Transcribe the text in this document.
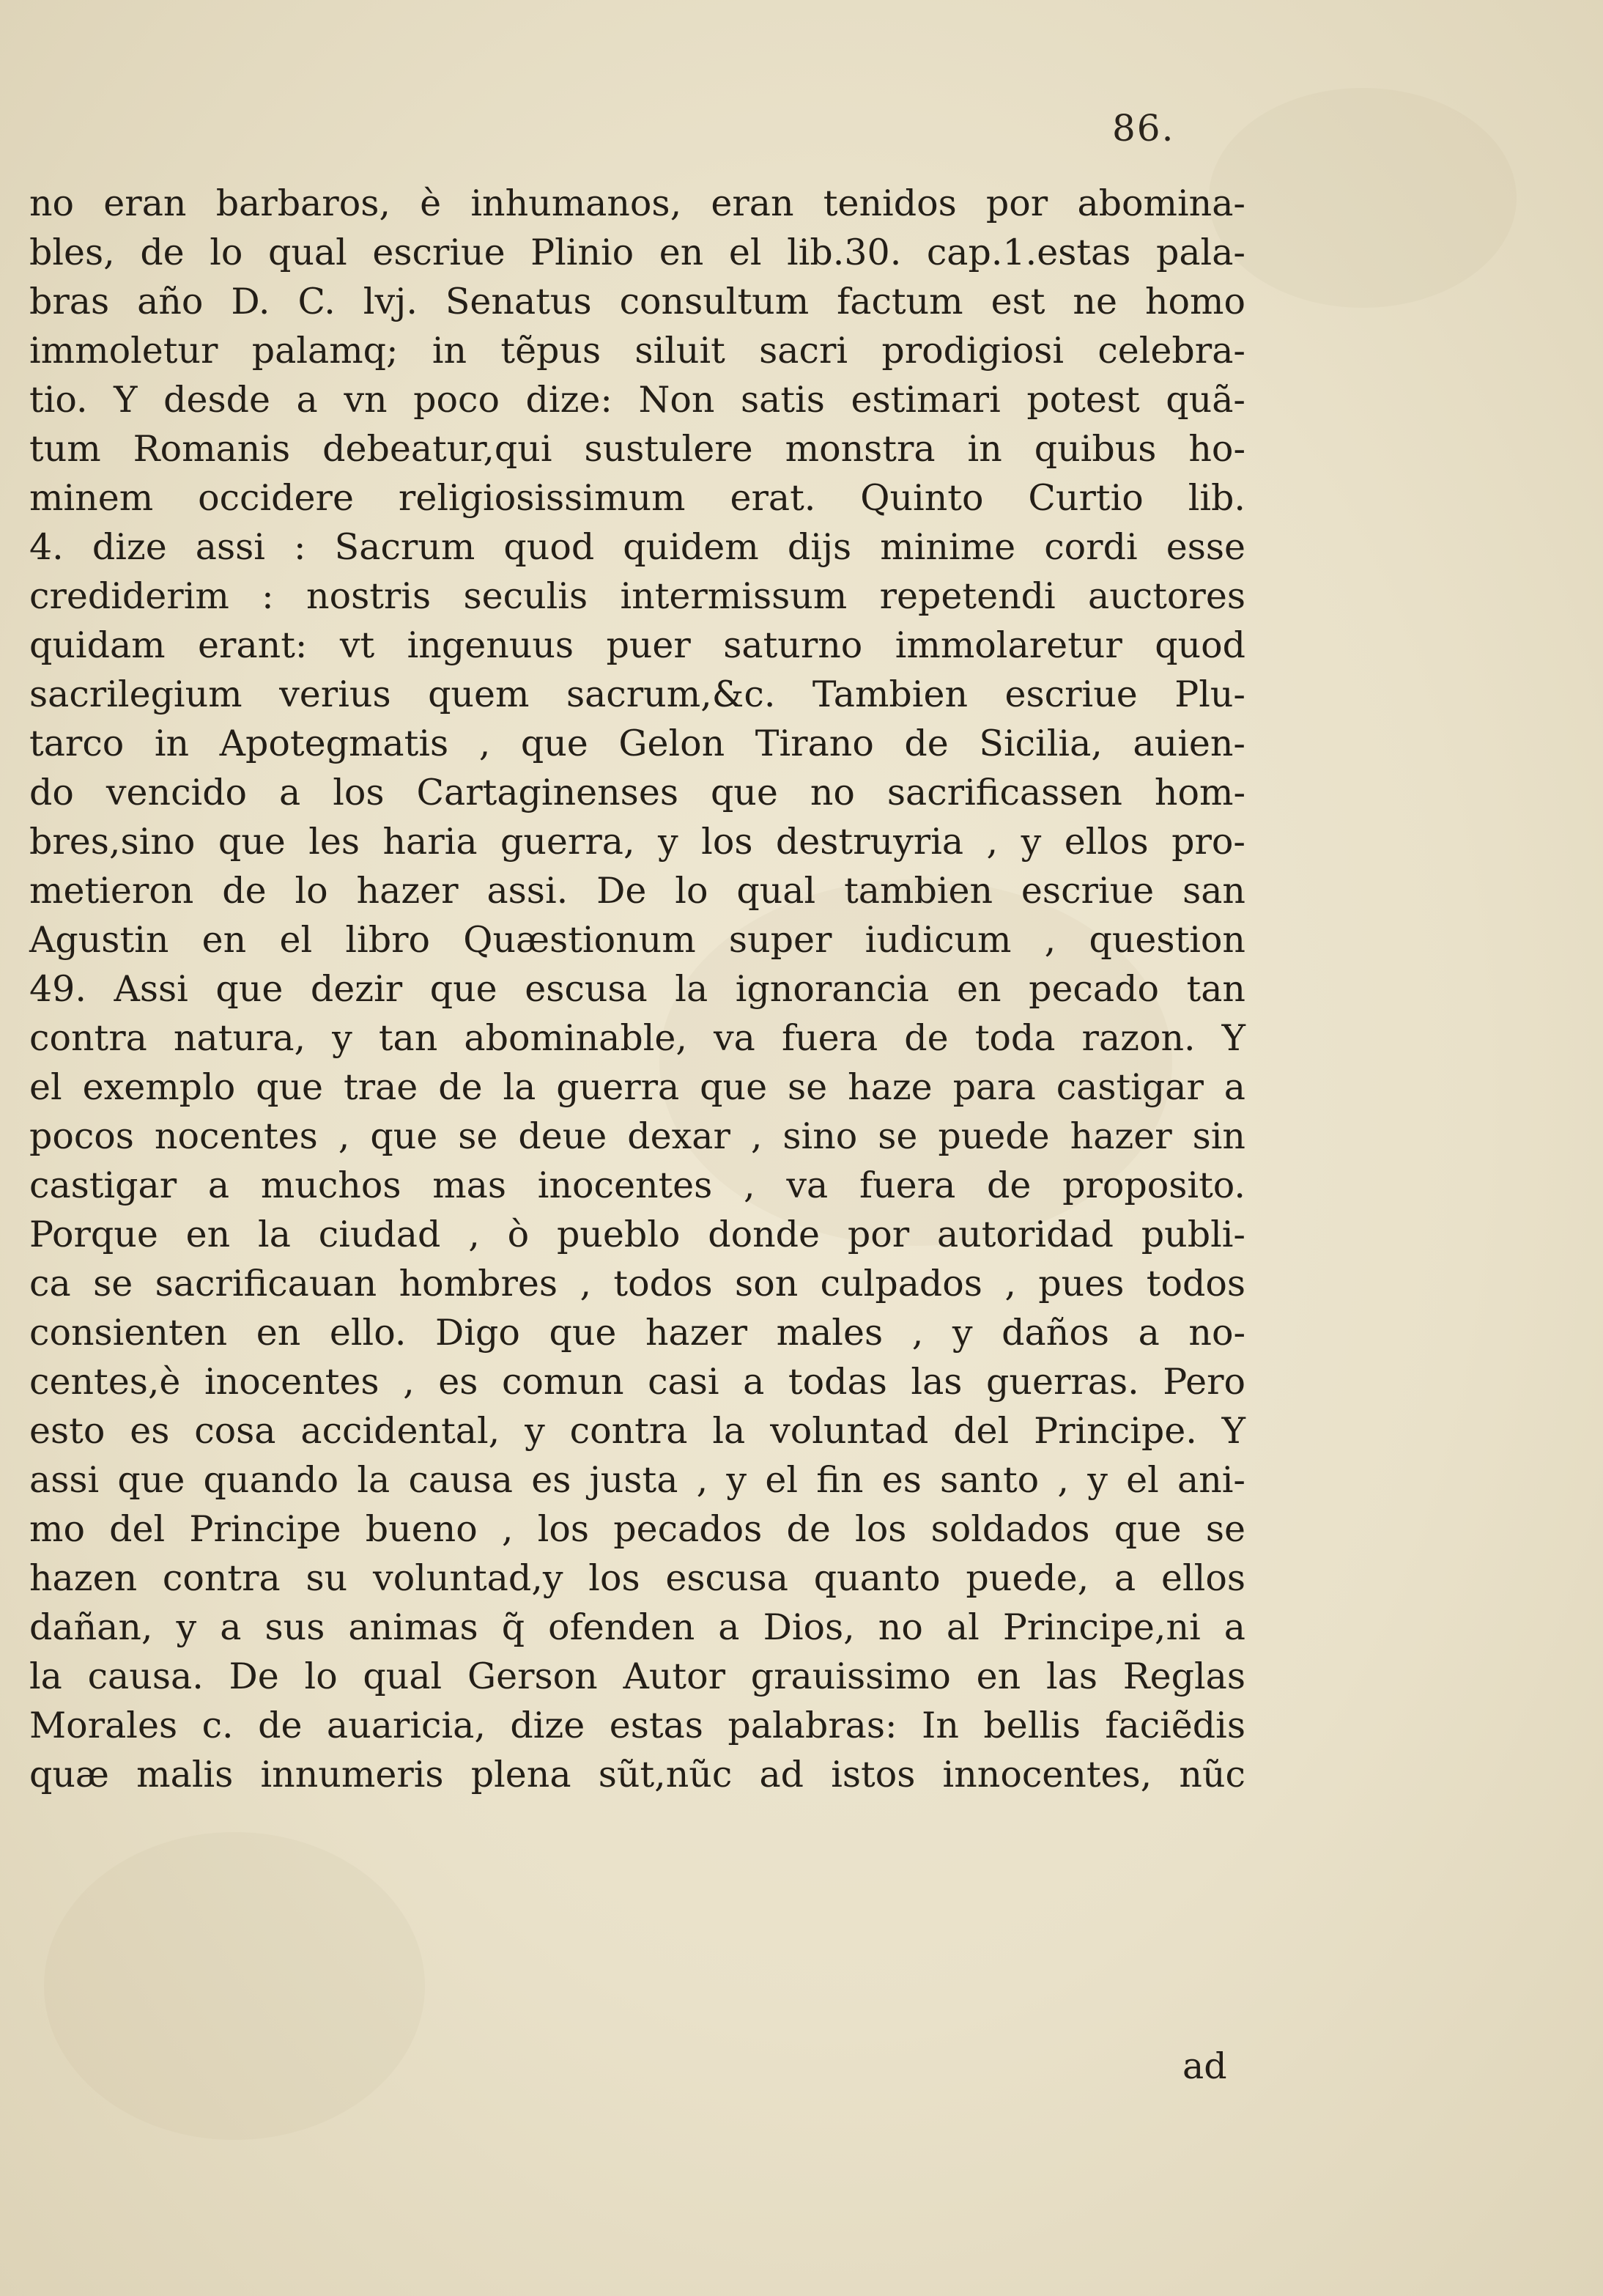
86.
no eran barbaros, è inhumanos, eran tenidos por abomina-
bles, de lo qual escriue Plinio en el lib.30. cap.1.estas pala-
bras año D. C. lvj. Senatus consultum factum est ne homo
immoletur palamq; in tẽpus siluit sacri prodigiosi celebra-
tio. Y desde a vn poco dize: Non satis estimari potest quã-
tum Romanis debeatur,qui sustulere monstra in quibus ho-
minem occidere religiosissimum erat. Quinto Curtio lib.
4. dize assi : Sacrum quod quidem dijs minime cordi esse
crediderim : nostris seculis intermissum repetendi auctores
quidam erant: vt ingenuus puer saturno immolaretur quod
sacrilegium verius quem sacrum,&c. Tambien escriue Plu-
tarco in Apotegmatis , que Gelon Tirano de Sicilia, auien-
do vencido a los Cartaginenses que no sacrificassen hom-
bres,sino que les haria guerra, y los destruyria , y ellos pro-
metieron de lo hazer assi. De lo qual tambien escriue san
Agustin en el libro Quæstionum super iudicum , question
49. Assi que dezir que escusa la ignorancia en pecado tan
contra natura, y tan abominable, va fuera de toda razon. Y
el exemplo que trae de la guerra que se haze para castigar a
pocos nocentes , que se deue dexar , sino se puede hazer sin
castigar a muchos mas inocentes , va fuera de proposito.
Porque en la ciudad , ò pueblo donde por autoridad publi-
ca se sacrificauan hombres , todos son culpados , pues todos
consienten en ello. Digo que hazer males , y daños a no-
centes,è inocentes , es comun casi a todas las guerras. Pero
esto es cosa accidental, y contra la voluntad del Principe. Y
assi que quando la causa es justa , y el fin es santo , y el ani-
mo del Principe bueno , los pecados de los soldados que se
hazen contra su voluntad,y los escusa quanto puede, a ellos
dañan, y a sus animas q̃ ofenden a Dios, no al Principe,ni a
la causa. De lo qual Gerson Autor grauissimo en las Reglas
Morales c. de auaricia, dize estas palabras: In bellis faciẽdis
quæ malis innumeris plena sũt,nũc ad istos innocentes, nũc
ad
